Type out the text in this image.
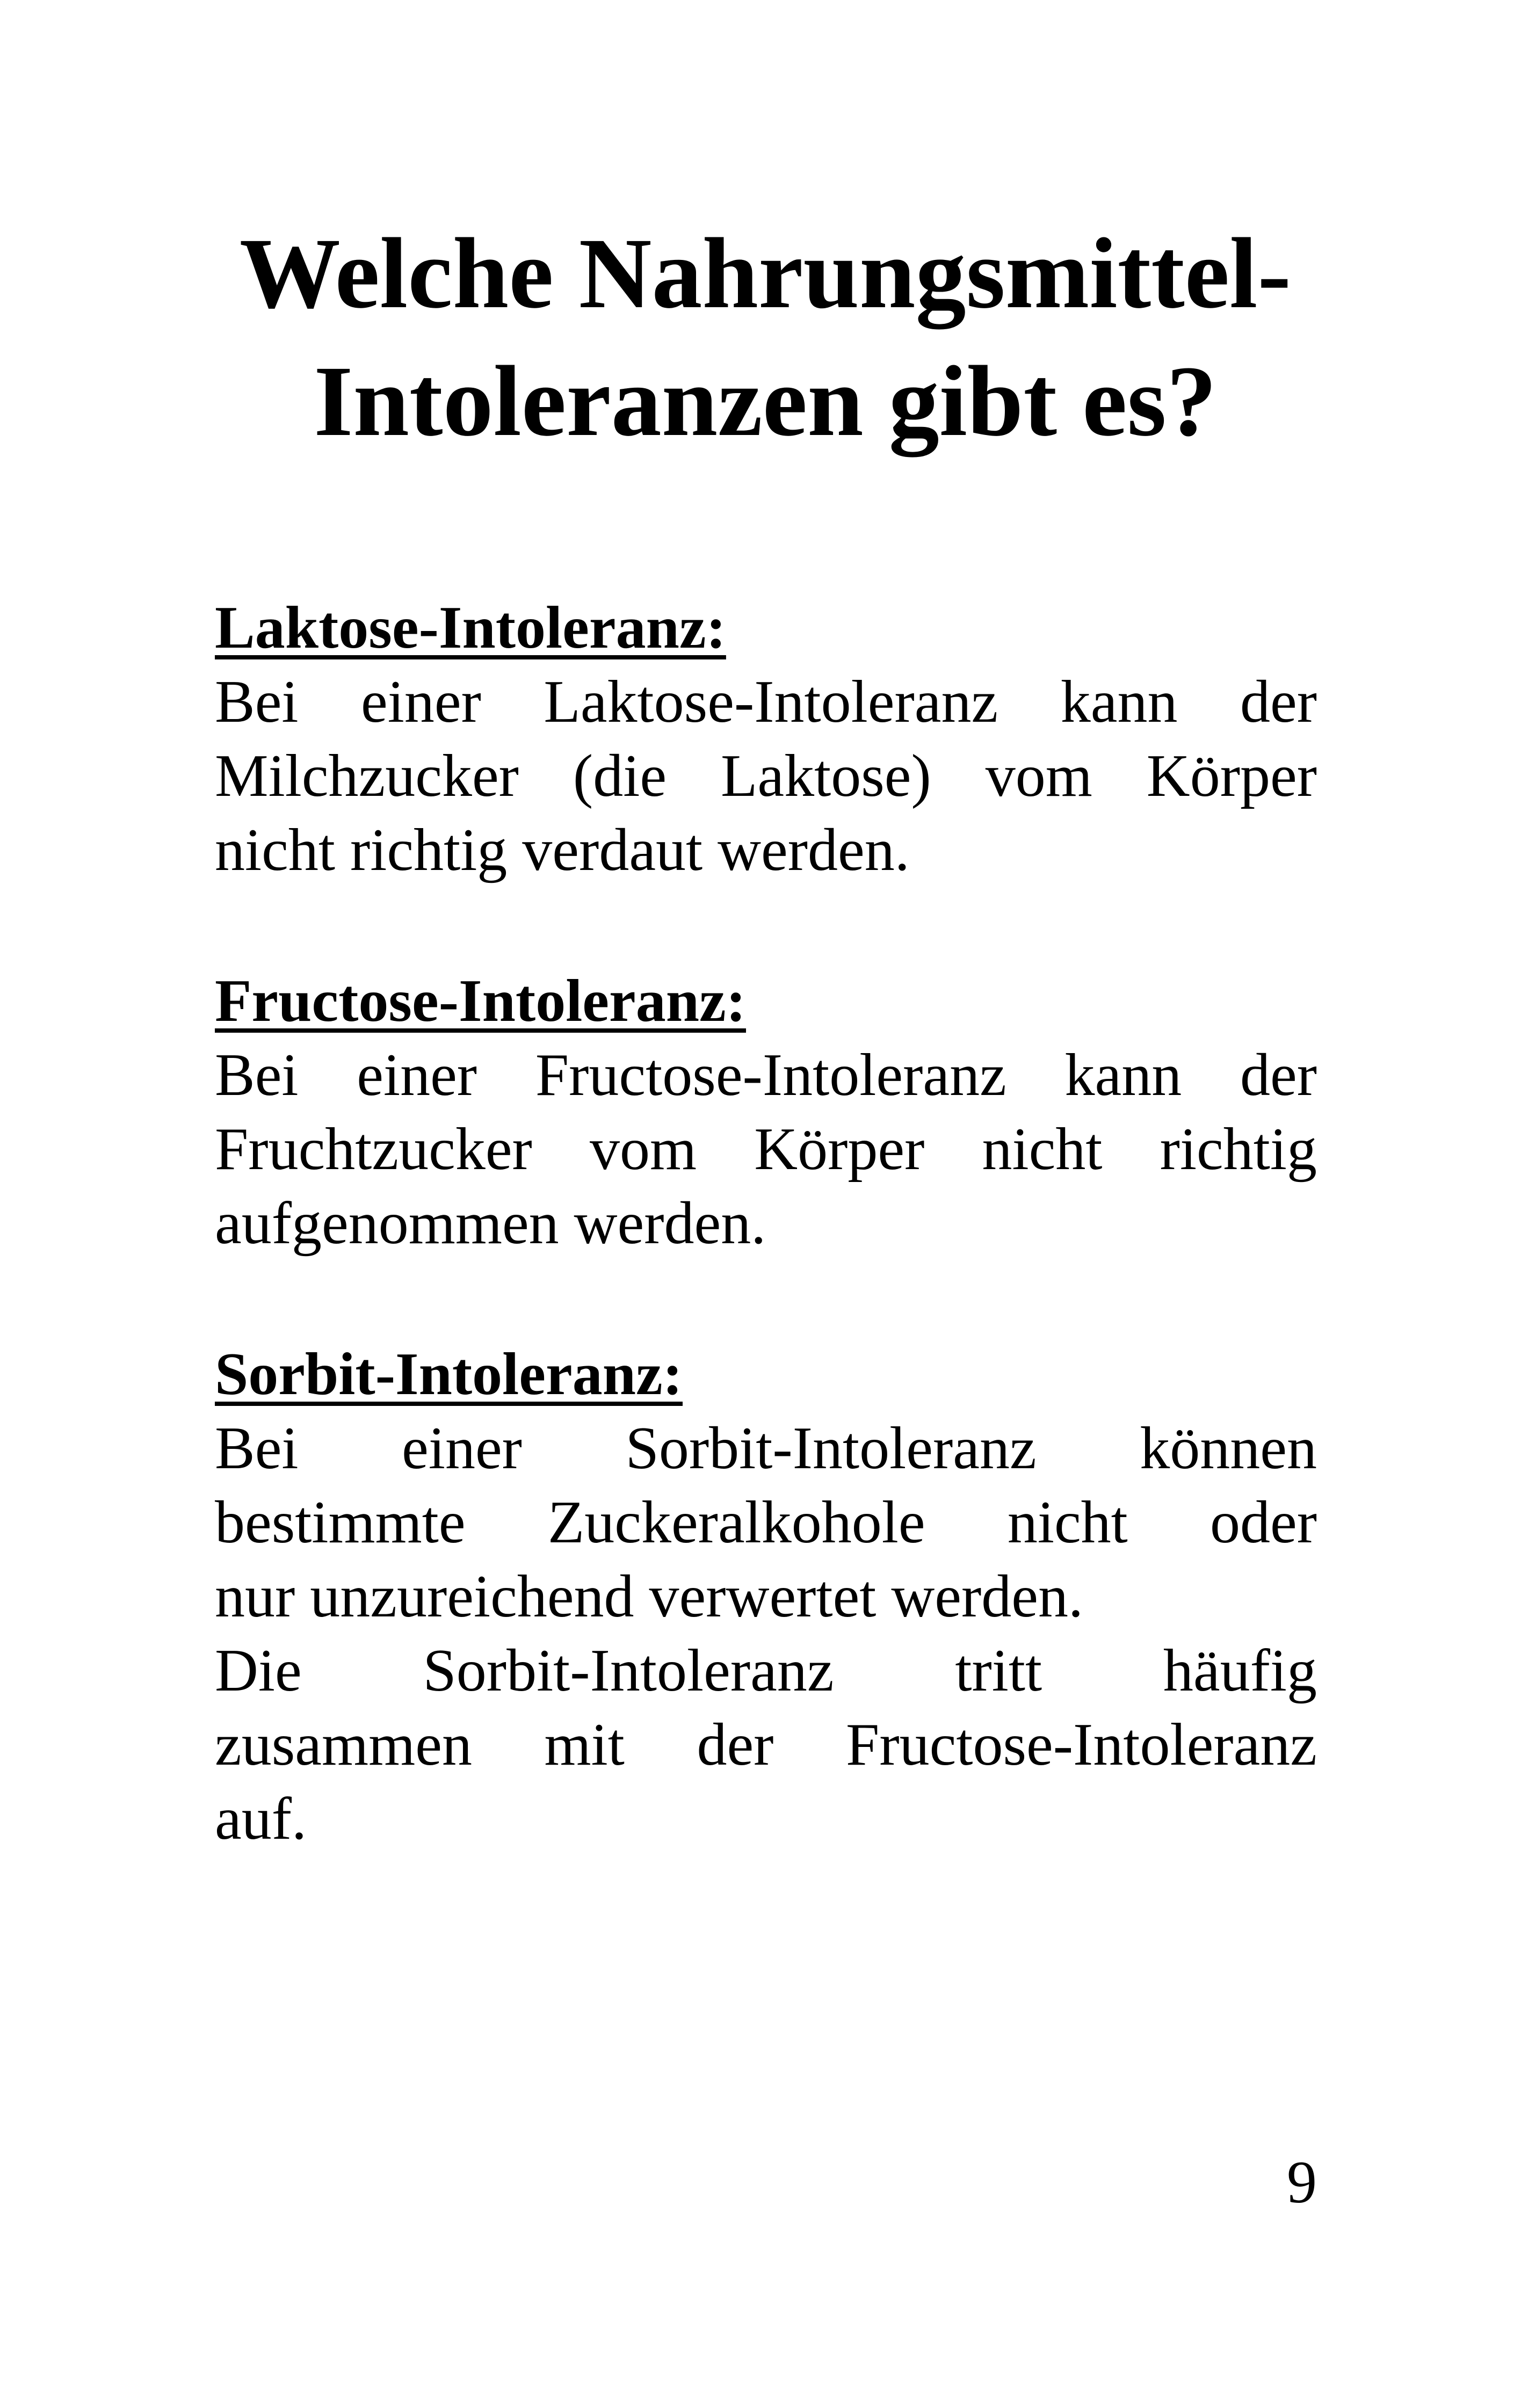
Welche Nahrungsmittel-
Intoleranzen gibt es?
Laktose-Intoleranz:
Bei einer Laktose-Intoleranz kann der
Milchzucker (die Laktose) vom Körper
nicht richtig verdaut werden.
Fructose-Intoleranz:
Bei einer Fructose-Intoleranz kann der
Fruchtzucker vom Körper nicht richtig
aufgenommen werden.
Sorbit-Intoleranz:
Bei einer Sorbit-Intoleranz können
bestimmte Zuckeralkohole nicht oder
nur unzureichend verwertet werden.
Die Sorbit-Intoleranz tritt häufig
zusammen mit der Fructose-Intoleranz
auf.
9
